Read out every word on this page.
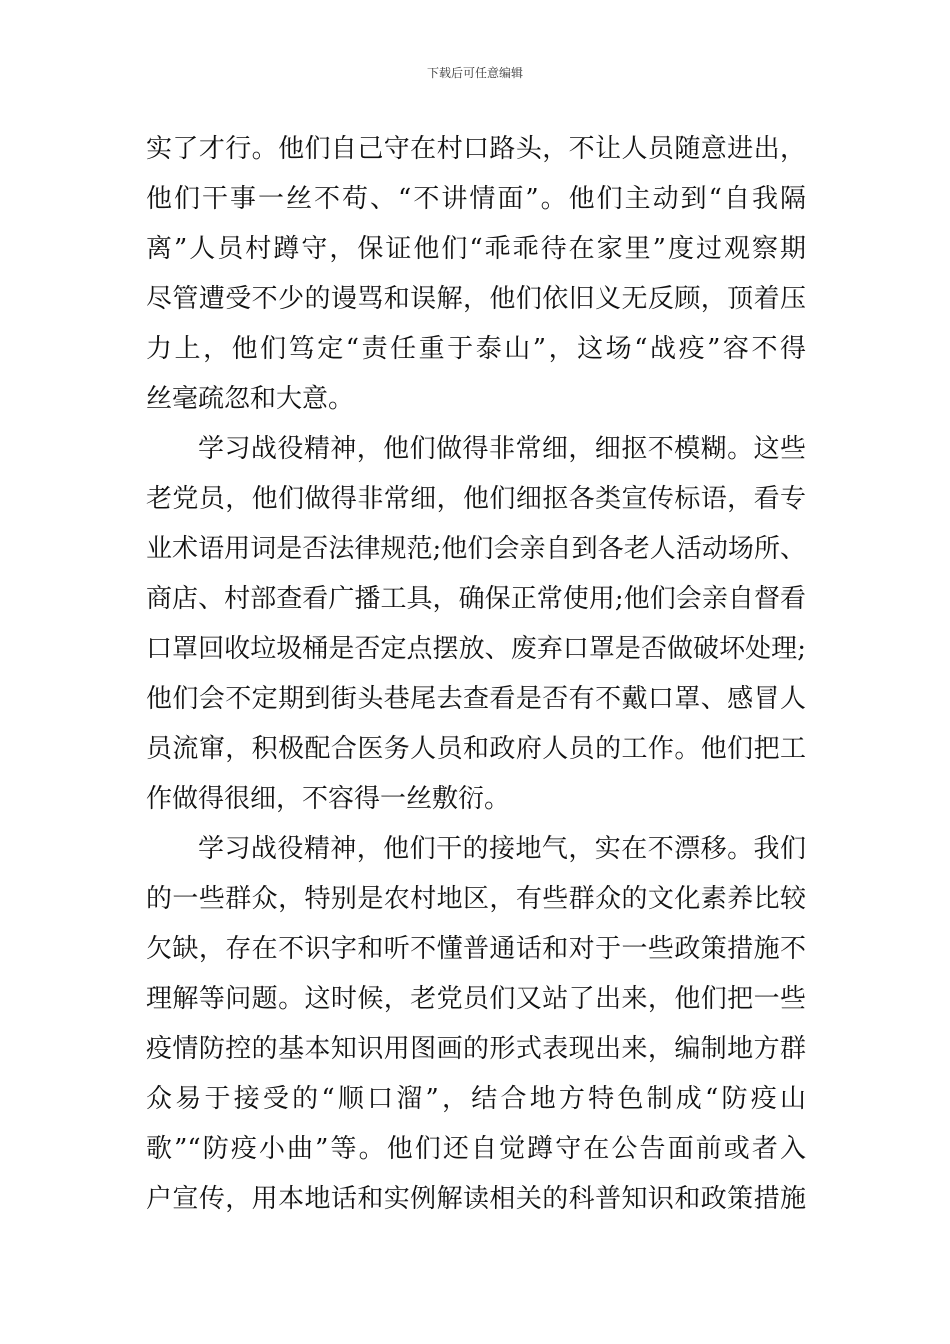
下载后可任意编辑
实了才行。他们自己守在村口路头，不让人员随意进出，
他们干事一丝不苟、“不讲情面”。他们主动到“自我隔
离”人员村蹲守，保证他们“乖乖待在家里”度过观察期
尽管遭受不少的谩骂和误解，他们依旧义无反顾，顶着压
力上，他们笃定“责任重于泰山”，这场“战疫”容不得
丝毫疏忽和大意。
学习战役精神，他们做得非常细，细抠不模糊。这些
老党员，他们做得非常细，他们细抠各类宣传标语，看专
业术语用词是否法律规范;他们会亲自到各老人活动场所、
商店、村部查看广播工具，确保正常使用;他们会亲自督看
口罩回收垃圾桶是否定点摆放、废弃口罩是否做破坏处理;
他们会不定期到街头巷尾去查看是否有不戴口罩、感冒人
员流窜，积极配合医务人员和政府人员的工作。他们把工
作做得很细，不容得一丝敷衍。
学习战役精神，他们干的接地气，实在不漂移。我们
的一些群众，特别是农村地区，有些群众的文化素养比较
欠缺，存在不识字和听不懂普通话和对于一些政策措施不
理解等问题。这时候，老党员们又站了出来，他们把一些
疫情防控的基本知识用图画的形式表现出来，编制地方群
众易于接受的“顺口溜”，结合地方特色制成“防疫山
歌”“防疫小曲”等。他们还自觉蹲守在公告面前或者入
户宣传，用本地话和实例解读相关的科普知识和政策措施
